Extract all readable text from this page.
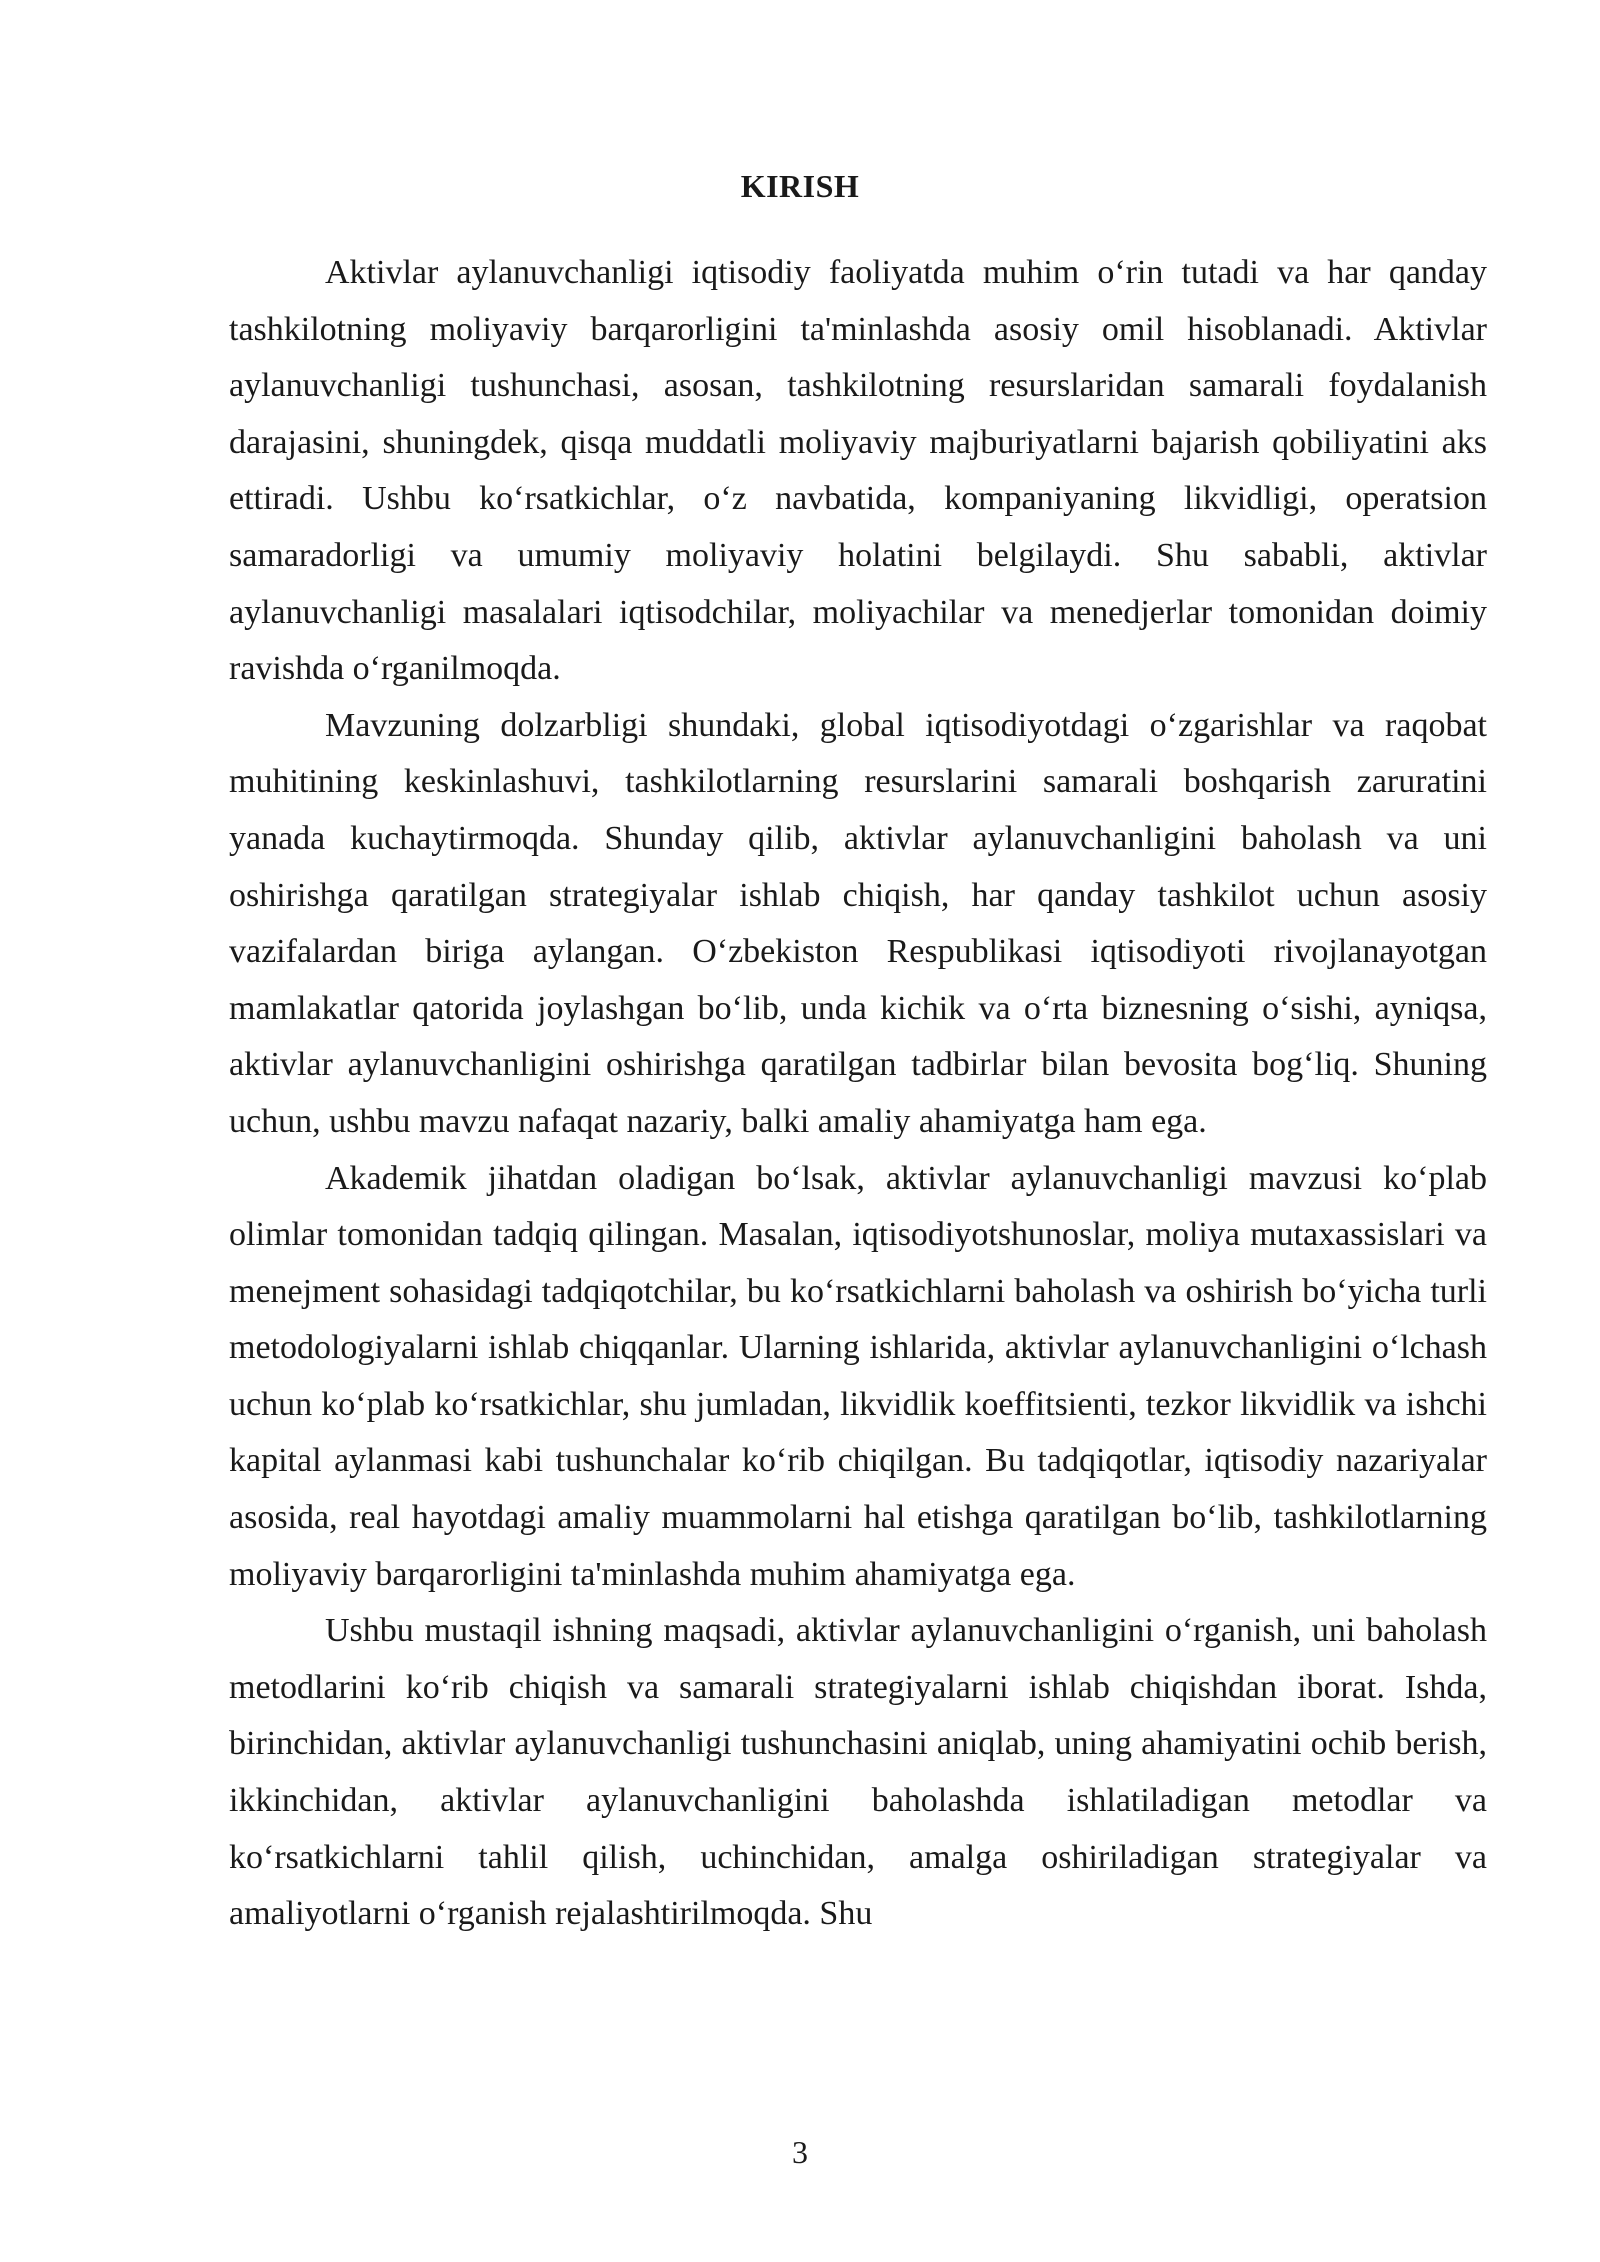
KIRISH

Aktivlar aylanuvchanligi iqtisodiy faoliyatda muhim o‘rin tutadi va har qanday tashkilotning moliyaviy barqarorligini ta'minlashda asosiy omil hisoblanadi. Aktivlar aylanuvchanligi tushunchasi, asosan, tashkilotning resurslaridan samarali foydalanish darajasini, shuningdek, qisqa muddatli moliyaviy majburiyatlarni bajarish qobiliyatini aks ettiradi. Ushbu ko‘rsatkichlar, o‘z navbatida, kompaniyaning likvidligi, operatsion samaradorligi va umumiy moliyaviy holatini belgilaydi. Shu sababli, aktivlar aylanuvchanligi masalalari iqtisodchilar, moliyachilar va menedjerlar tomonidan doimiy ravishda o‘rganilmoqda.

Mavzuning dolzarbligi shundaki, global iqtisodiyotdagi o‘zgarishlar va raqobat muhitining keskinlashuvi, tashkilotlarning resurslarini samarali boshqarish zaruratini yanada kuchaytirmoqda. Shunday qilib, aktivlar aylanuvchanligini baholash va uni oshirishga qaratilgan strategiyalar ishlab chiqish, har qanday tashkilot uchun asosiy vazifalardan biriga aylangan. O‘zbekiston Respublikasi iqtisodiyoti rivojlanayotgan mamlakatlar qatorida joylashgan bo‘lib, unda kichik va o‘rta biznesning o‘sishi, ayniqsa, aktivlar aylanuvchanligini oshirishga qaratilgan tadbirlar bilan bevosita bog‘liq. Shuning uchun, ushbu mavzu nafaqat nazariy, balki amaliy ahamiyatga ham ega.

Akademik jihatdan oladigan bo‘lsak, aktivlar aylanuvchanligi mavzusi ko‘plab olimlar tomonidan tadqiq qilingan. Masalan, iqtisodiyotshunoslar, moliya mutaxassislari va menejment sohasidagi tadqiqotchilar, bu ko‘rsatkichlarni baholash va oshirish bo‘yicha turli metodologiyalarni ishlab chiqqanlar. Ularning ishlarida, aktivlar aylanuvchanligini o‘lchash uchun ko‘plab ko‘rsatkichlar, shu jumladan, likvidlik koeffitsienti, tezkor likvidlik va ishchi kapital aylanmasi kabi tushunchalar ko‘rib chiqilgan. Bu tadqiqotlar, iqtisodiy nazariyalar asosida, real hayotdagi amaliy muammolarni hal etishga qaratilgan bo‘lib, tashkilotlarning moliyaviy barqarorligini ta'minlashda muhim ahamiyatga ega.

Ushbu mustaqil ishning maqsadi, aktivlar aylanuvchanligini o‘rganish, uni baholash metodlarini ko‘rib chiqish va samarali strategiyalarni ishlab chiqishdan iborat. Ishda, birinchidan, aktivlar aylanuvchanligi tushunchasini aniqlab, uning ahamiyatini ochib berish, ikkinchidan, aktivlar aylanuvchanligini baholashda ishlatiladigan metodlar va ko‘rsatkichlarni tahlil qilish, uchinchidan, amalga oshiriladigan strategiyalar va amaliyotlarni o‘rganish rejalashtirilmoqda. Shu

3
